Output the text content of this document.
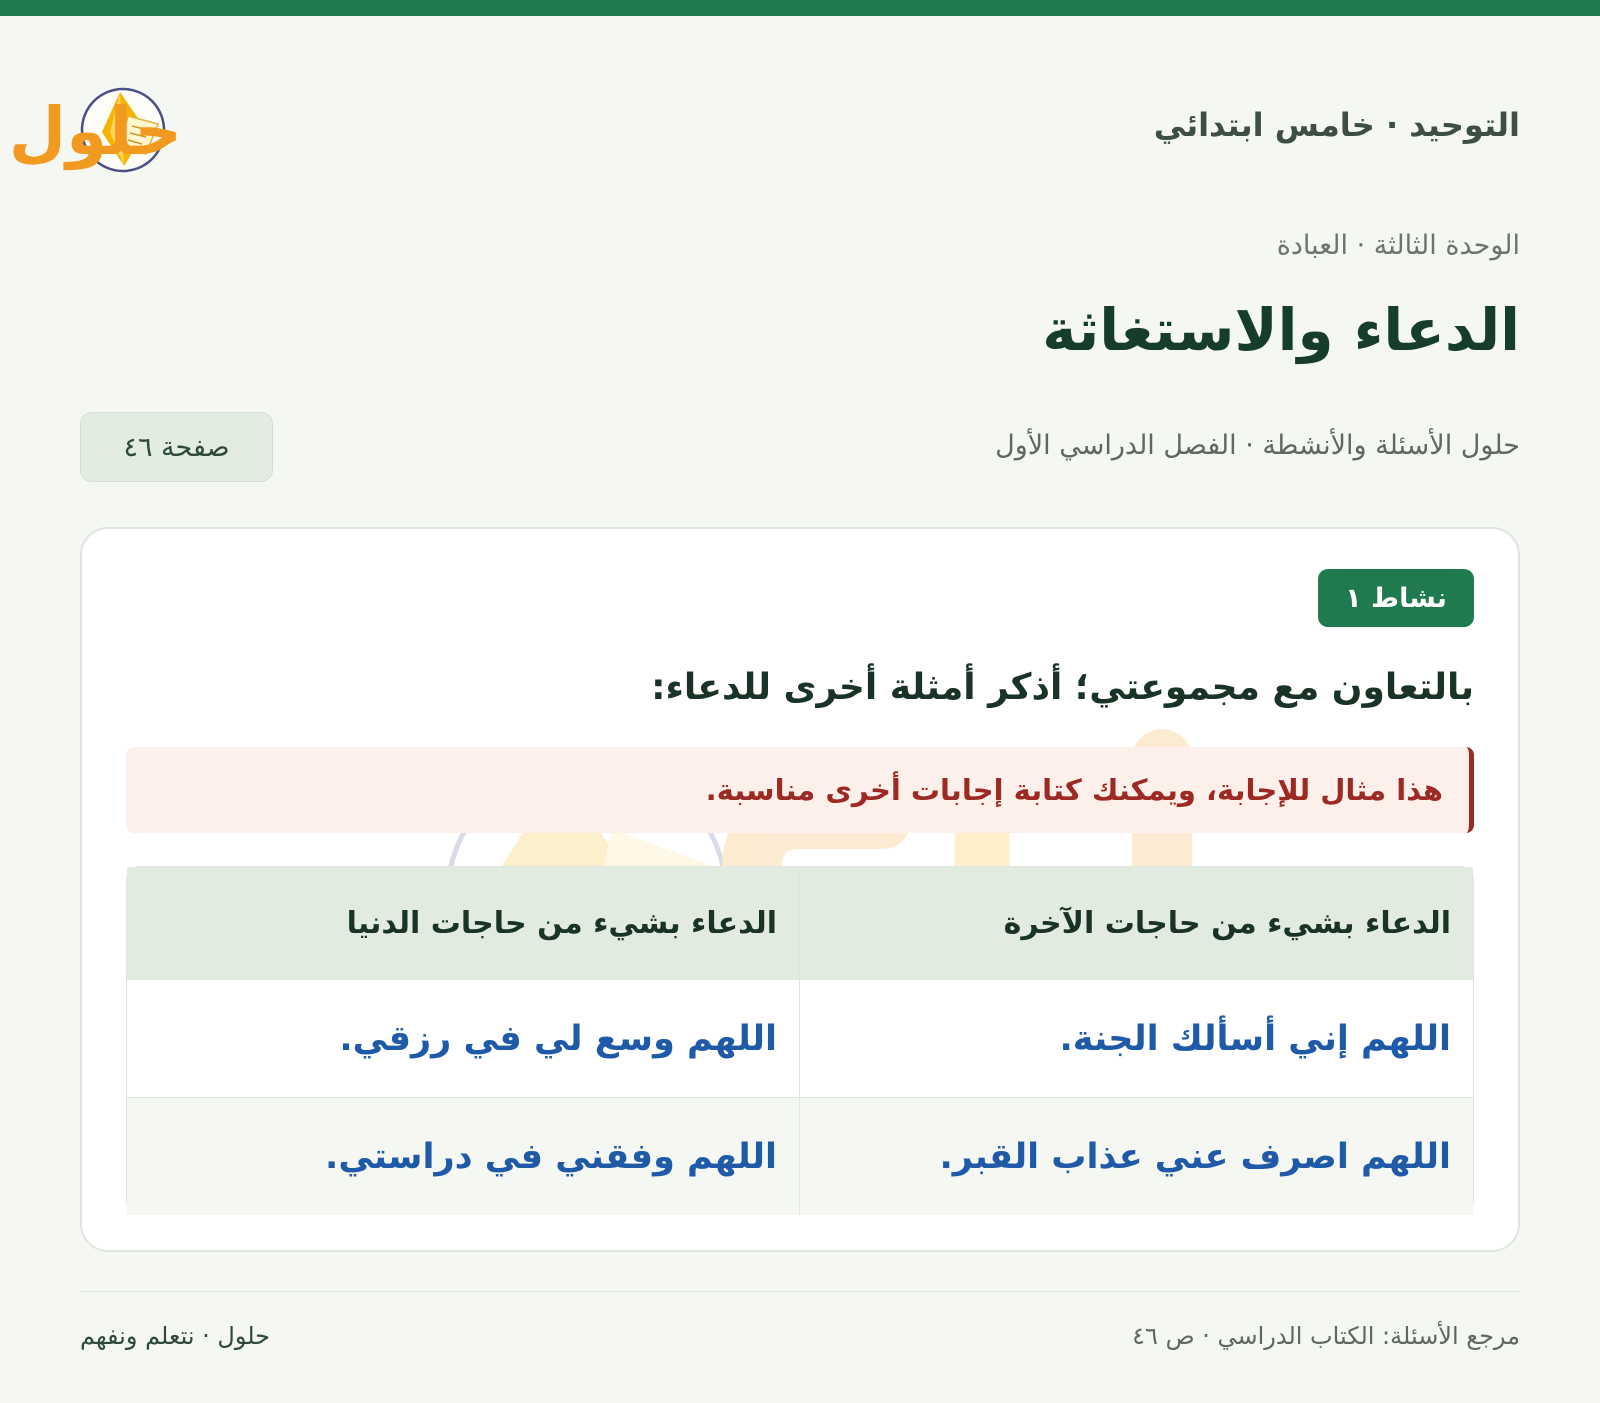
حلول	التوحيد · خامس ابتدائي
الوحدة الثالثة · العبادة
الدعاء والاستغاثة
حلول الأسئلة والأنشطة · الفصل الدراسي الأول
صفحة ٤٦
نشاط ١
بالتعاون مع مجموعتي؛ أذكر أمثلة أخرى للدعاء:
هذا مثال للإجابة، ويمكنك كتابة إجابات أخرى مناسبة.
الدعاء بشيء من حاجات الآخرة
الدعاء بشيء من حاجات الدنيا
اللهم إني أسألك الجنة.
اللهم وسع لي في رزقي.
اللهم اصرف عني عذاب القبر.
اللهم وفقني في دراستي.
مرجع الأسئلة: الكتاب الدراسي · ص ٤٦
حلول · نتعلم ونفهم
